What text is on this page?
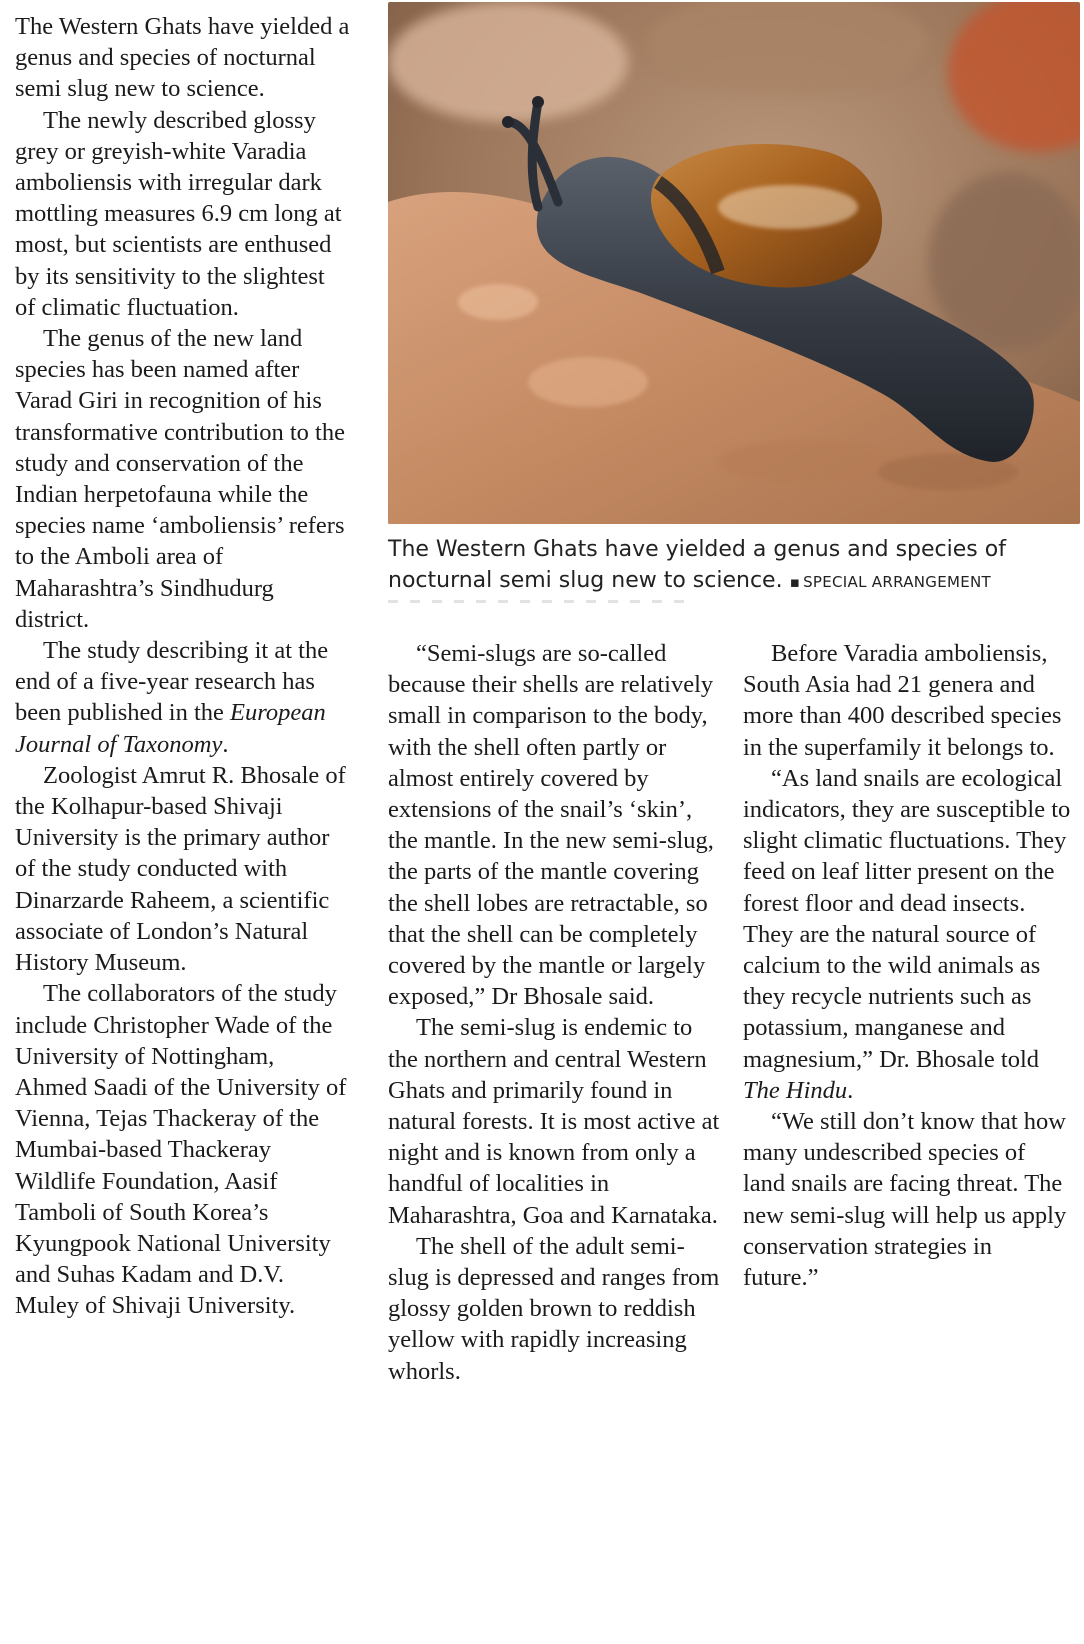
The Western Ghats have yielded a genus and species of nocturnal semi slug new to science.

The newly described glossy grey or greyish-white Varadia amboliensis with irregular dark mottling measures 6.9 cm long at most, but scientists are enthused by its sensitivity to the slightest of climatic fluctuation.

The genus of the new land species has been named after Varad Giri in recognition of his transformative contribution to the study and conservation of the Indian herpetofauna while the species name ‘amboliensis’ refers to the Amboli area of Maharashtra’s Sindhudurg district.

The study describing it at the end of a five-year research has been published in the European Journal of Taxonomy.

Zoologist Amrut R. Bhosale of the Kolhapur-based Shivaji University is the primary author of the study conducted with Dinarzarde Raheem, a scientific associate of London’s Natural History Museum.

The collaborators of the study include Christopher Wade of the University of Nottingham, Ahmed Saadi of the University of Vienna, Tejas Thackeray of the Mumbai-based Thackeray Wildlife Foundation, Aasif Tamboli of South Korea’s Kyungpook National University and Suhas Kadam and D.V. Muley of Shivaji University.

The Western Ghats have yielded a genus and species of nocturnal semi slug new to science. ▪ SPECIAL ARRANGEMENT

“Semi-slugs are so-called because their shells are relatively small in comparison to the body, with the shell often partly or almost entirely covered by extensions of the snail’s ‘skin’, the mantle. In the new semi-slug, the parts of the mantle covering the shell lobes are retractable, so that the shell can be completely covered by the mantle or largely exposed,” Dr Bhosale said.

The semi-slug is endemic to the northern and central Western Ghats and primarily found in natural forests. It is most active at night and is known from only a handful of localities in Maharashtra, Goa and Karnataka.

The shell of the adult semi-slug is depressed and ranges from glossy golden brown to reddish yellow with rapidly increasing whorls.

Before Varadia amboliensis, South Asia had 21 genera and more than 400 described species in the superfamily it belongs to.

“As land snails are ecological indicators, they are susceptible to slight climatic fluctuations. They feed on leaf litter present on the forest floor and dead insects. They are the natural source of calcium to the wild animals as they recycle nutrients such as potassium, manganese and magnesium,” Dr. Bhosale told The Hindu.

“We still don’t know that how many undescribed species of land snails are facing threat. The new semi-slug will help us apply conservation strategies in future.”
